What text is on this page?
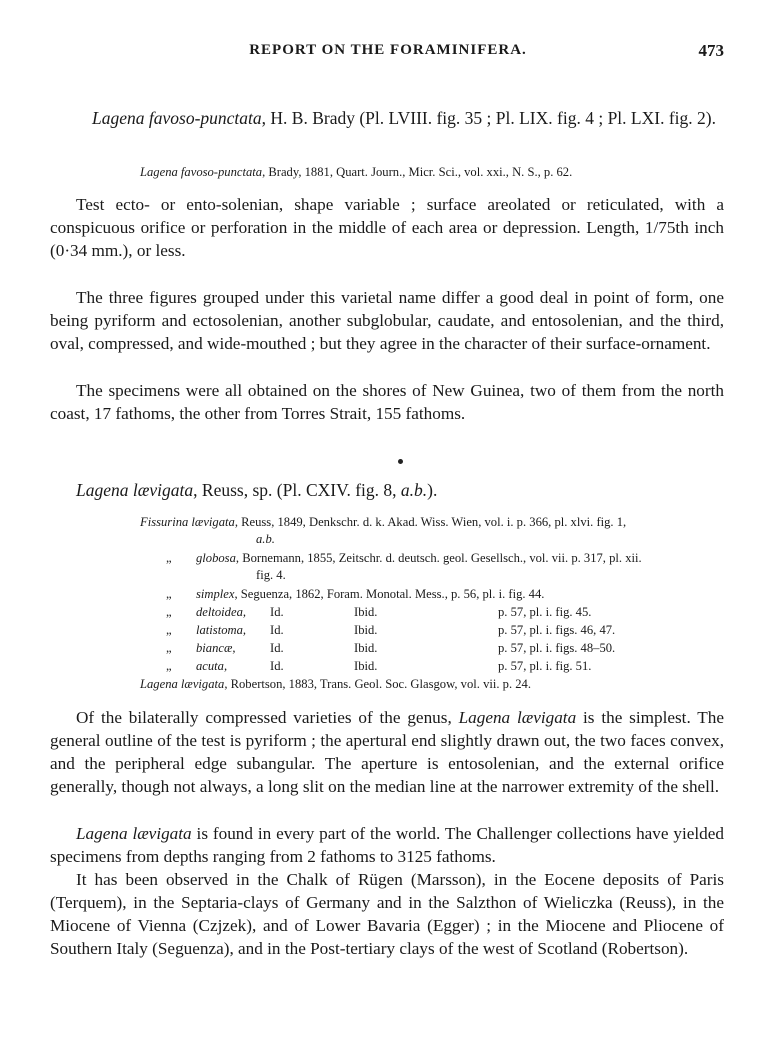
REPORT ON THE FORAMINIFERA.	473
Lagena favoso-punctata, H. B. Brady (Pl. LVIII. fig. 35 ; Pl. LIX. fig. 4 ; Pl. LXI. fig. 2).
Lagena favoso-punctata, Brady, 1881, Quart. Journ., Micr. Sci., vol. xxi., N. S., p. 62.
Test ecto- or ento-solenian, shape variable ; surface areolated or reticulated, with a conspicuous orifice or perforation in the middle of each area or depression. Length, 1/75th inch (0·34 mm.), or less.
The three figures grouped under this varietal name differ a good deal in point of form, one being pyriform and ectosolenian, another subglobular, caudate, and entosolenian, and the third, oval, compressed, and wide-mouthed ; but they agree in the character of their surface-ornament.
The specimens were all obtained on the shores of New Guinea, two of them from the north coast, 17 fathoms, the other from Torres Strait, 155 fathoms.
Lagena lævigata, Reuss, sp. (Pl. CXIV. fig. 8, a.b.).
Fissurina lævigata, Reuss, 1849, Denkschr. d. k. Akad. Wiss. Wien, vol. i. p. 366, pl. xlvi. fig. 1,
a.b.
„ globosa, Bornemann, 1855, Zeitschr. d. deutsch. geol. Gesellsch., vol. vii. p. 317, pl. xii.
fig. 4.
„ simplex, Seguenza, 1862, Foram. Monotal. Mess., p. 56, pl. i. fig. 44.
„ deltoidea, Id.	Ibid.	p. 57, pl. i. fig. 45.
„ latistoma, Id.	Ibid.	p. 57, pl. i. figs. 46, 47.
„ biancæ,	Id.	Ibid.	p. 57, pl. i. figs. 48–50.
„ acuta,	Id.	Ibid.	p. 57, pl. i. fig. 51.
Lagena lævigata, Robertson, 1883, Trans. Geol. Soc. Glasgow, vol. vii. p. 24.
Of the bilaterally compressed varieties of the genus, Lagena lævigata is the simplest. The general outline of the test is pyriform ; the apertural end slightly drawn out, the two faces convex, and the peripheral edge subangular. The aperture is entosolenian, and the external orifice generally, though not always, a long slit on the median line at the narrower extremity of the shell.
Lagena lævigata is found in every part of the world. The Challenger collections have yielded specimens from depths ranging from 2 fathoms to 3125 fathoms.
It has been observed in the Chalk of Rügen (Marsson), in the Eocene deposits of Paris (Terquem), in the Septaria-clays of Germany and in the Salzthon of Wieliczka (Reuss), in the Miocene of Vienna (Czjzek), and of Lower Bavaria (Egger) ; in the Miocene and Pliocene of Southern Italy (Seguenza), and in the Post-tertiary clays of the west of Scotland (Robertson).
